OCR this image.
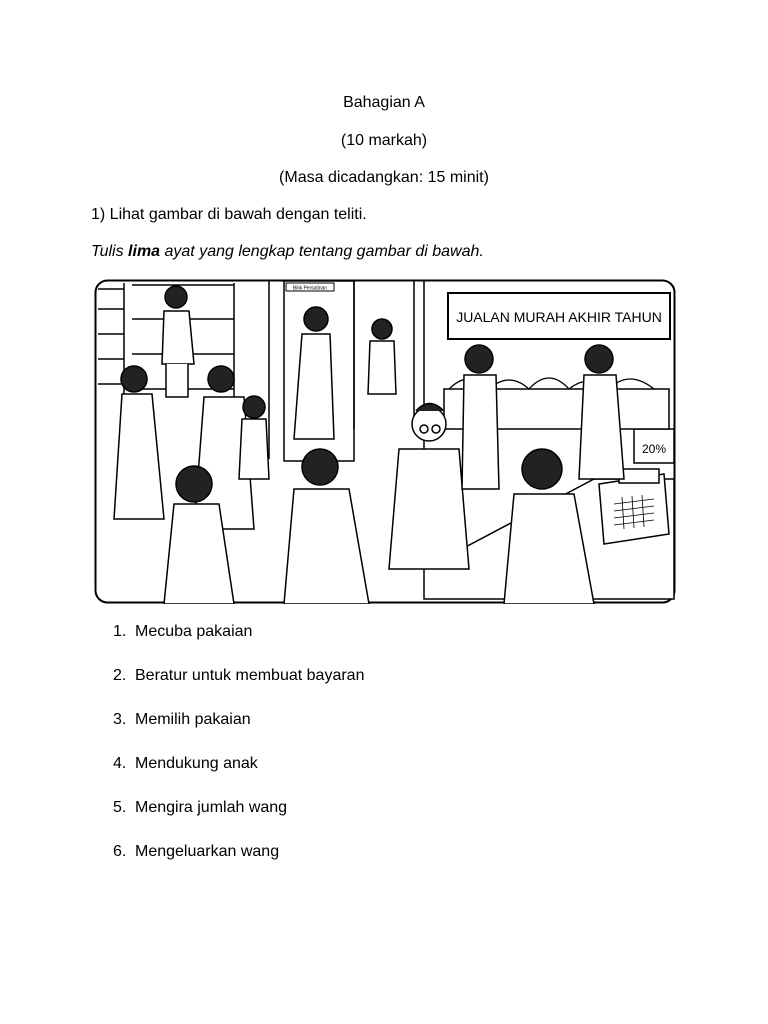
Bahagian A
(10 markah)
(Masa dicadangkan: 15 minit)
1) Lihat gambar di bawah dengan teliti.
Tulis lima ayat yang lengkap tentang gambar di bawah.
Bilik Persalinan
JUALAN MURAH AKHIR TAHUN
20%
1. Mecuba pakaian
2. Beratur untuk membuat bayaran
3. Memilih pakaian
4. Mendukung anak
5. Mengira jumlah wang
6. Mengeluarkan wang
